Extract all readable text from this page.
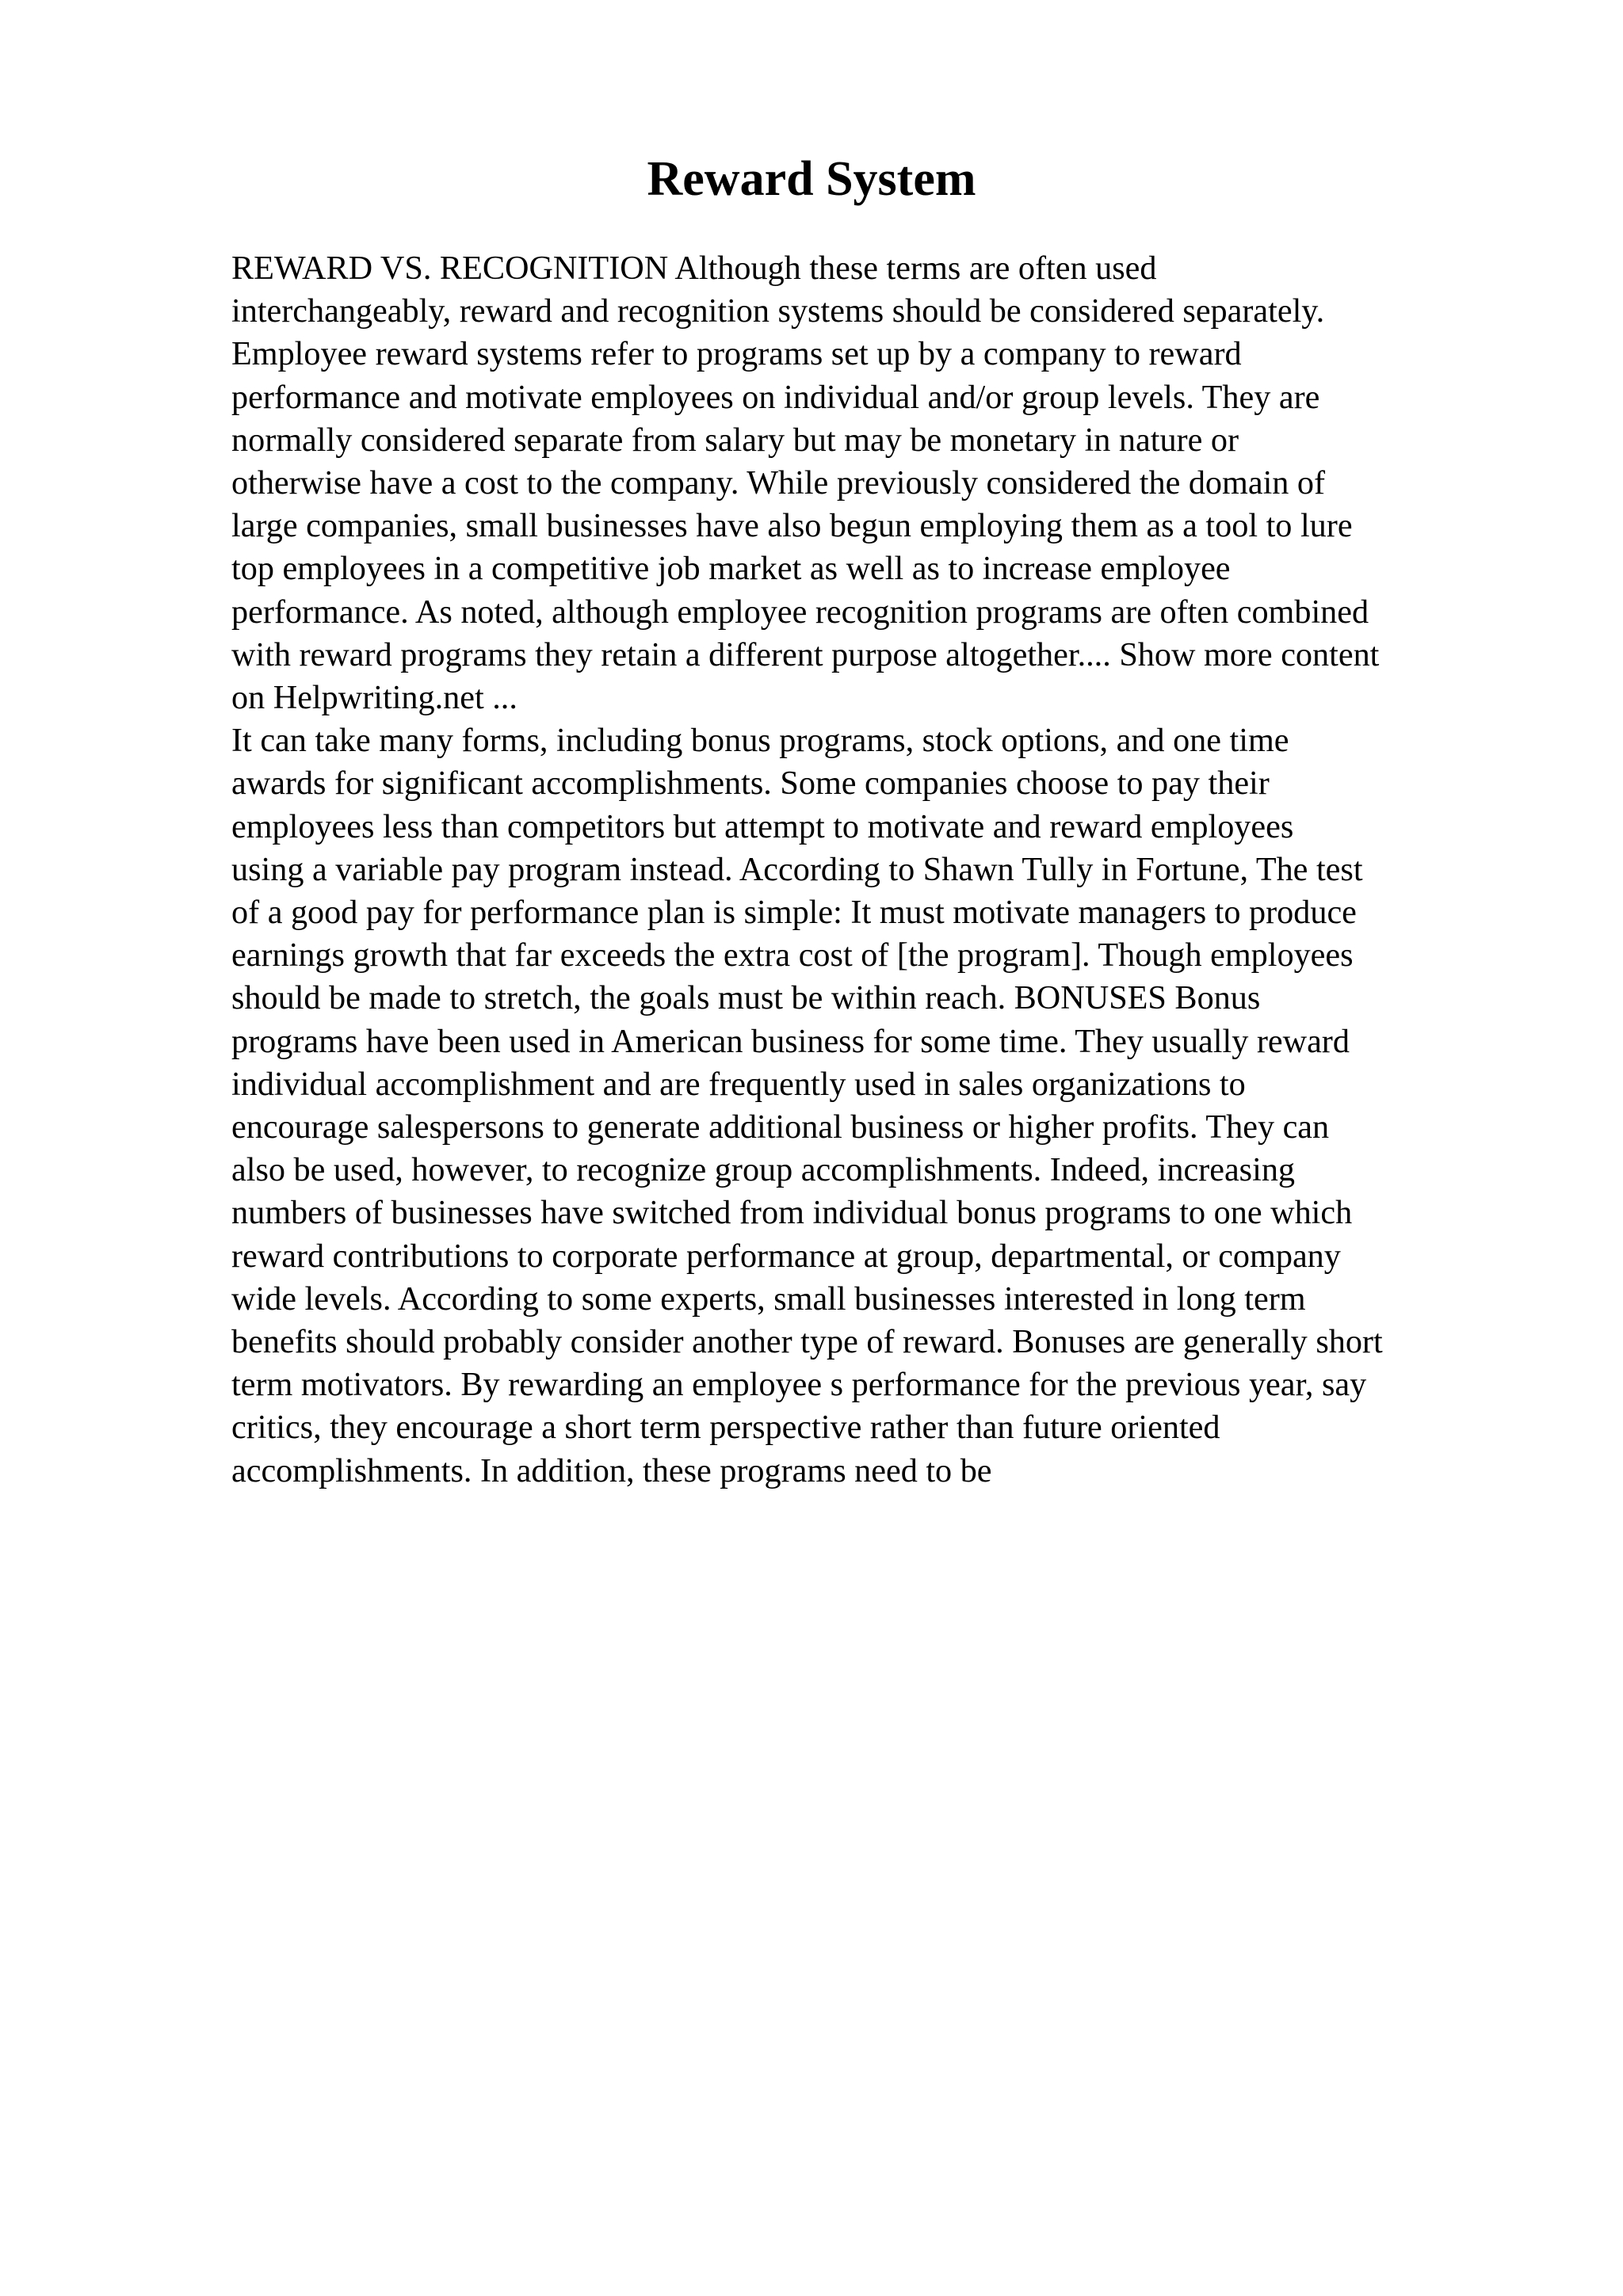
Reward System
REWARD VS. RECOGNITION Although these terms are often used
interchangeably, reward and recognition systems should be considered separately.
Employee reward systems refer to programs set up by a company to reward
performance and motivate employees on individual and/or group levels. They are
normally considered separate from salary but may be monetary in nature or
otherwise have a cost to the company. While previously considered the domain of
large companies, small businesses have also begun employing them as a tool to lure
top employees in a competitive job market as well as to increase employee
performance. As noted, although employee recognition programs are often combined
with reward programs they retain a different purpose altogether.... Show more content
on Helpwriting.net ...
It can take many forms, including bonus programs, stock options, and one time
awards for significant accomplishments. Some companies choose to pay their
employees less than competitors but attempt to motivate and reward employees
using a variable pay program instead. According to Shawn Tully in Fortune, The test
of a good pay for performance plan is simple: It must motivate managers to produce
earnings growth that far exceeds the extra cost of [the program]. Though employees
should be made to stretch, the goals must be within reach. BONUSES Bonus
programs have been used in American business for some time. They usually reward
individual accomplishment and are frequently used in sales organizations to
encourage salespersons to generate additional business or higher profits. They can
also be used, however, to recognize group accomplishments. Indeed, increasing
numbers of businesses have switched from individual bonus programs to one which
reward contributions to corporate performance at group, departmental, or company
wide levels. According to some experts, small businesses interested in long term
benefits should probably consider another type of reward. Bonuses are generally short
term motivators. By rewarding an employee s performance for the previous year, say
critics, they encourage a short term perspective rather than future oriented
accomplishments. In addition, these programs need to be
